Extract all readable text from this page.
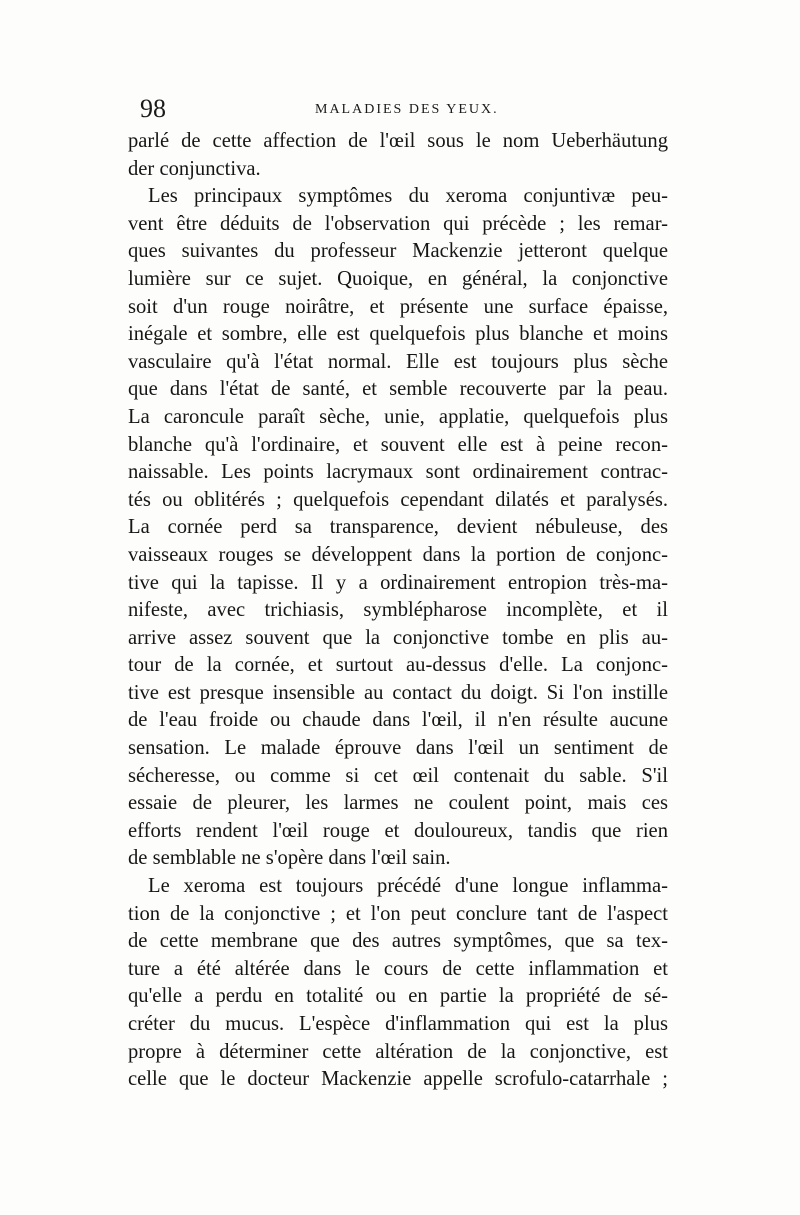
98	MALADIES DES YEUX.
parlé de cette affection de l'œil sous le nom Ueberhäutung
der conjunctiva.
Les principaux symptômes du xeroma conjuntivæ peu-
vent être déduits de l'observation qui précède ; les remar-
ques suivantes du professeur Mackenzie jetteront quelque
lumière sur ce sujet. Quoique, en général, la conjonctive
soit d'un rouge noirâtre, et présente une surface épaisse,
inégale et sombre, elle est quelquefois plus blanche et moins
vasculaire qu'à l'état normal. Elle est toujours plus sèche
que dans l'état de santé, et semble recouverte par la peau.
La caroncule paraît sèche, unie, applatie, quelquefois plus
blanche qu'à l'ordinaire, et souvent elle est à peine recon-
naissable. Les points lacrymaux sont ordinairement contrac-
tés ou oblitérés ; quelquefois cependant dilatés et paralysés.
La cornée perd sa transparence, devient nébuleuse, des
vaisseaux rouges se développent dans la portion de conjonc-
tive qui la tapisse. Il y a ordinairement entropion très-ma-
nifeste, avec trichiasis, symblépharose incomplète, et il
arrive assez souvent que la conjonctive tombe en plis au-
tour de la cornée, et surtout au-dessus d'elle. La conjonc-
tive est presque insensible au contact du doigt. Si l'on instille
de l'eau froide ou chaude dans l'œil, il n'en résulte aucune
sensation. Le malade éprouve dans l'œil un sentiment de
sécheresse, ou comme si cet œil contenait du sable. S'il
essaie de pleurer, les larmes ne coulent point, mais ces
efforts rendent l'œil rouge et douloureux, tandis que rien
de semblable ne s'opère dans l'œil sain.
Le xeroma est toujours précédé d'une longue inflamma-
tion de la conjonctive ; et l'on peut conclure tant de l'aspect
de cette membrane que des autres symptômes, que sa tex-
ture a été altérée dans le cours de cette inflammation et
qu'elle a perdu en totalité ou en partie la propriété de sé-
créter du mucus. L'espèce d'inflammation qui est la plus
propre à déterminer cette altération de la conjonctive, est
celle que le docteur Mackenzie appelle scrofulo-catarrhale ;
